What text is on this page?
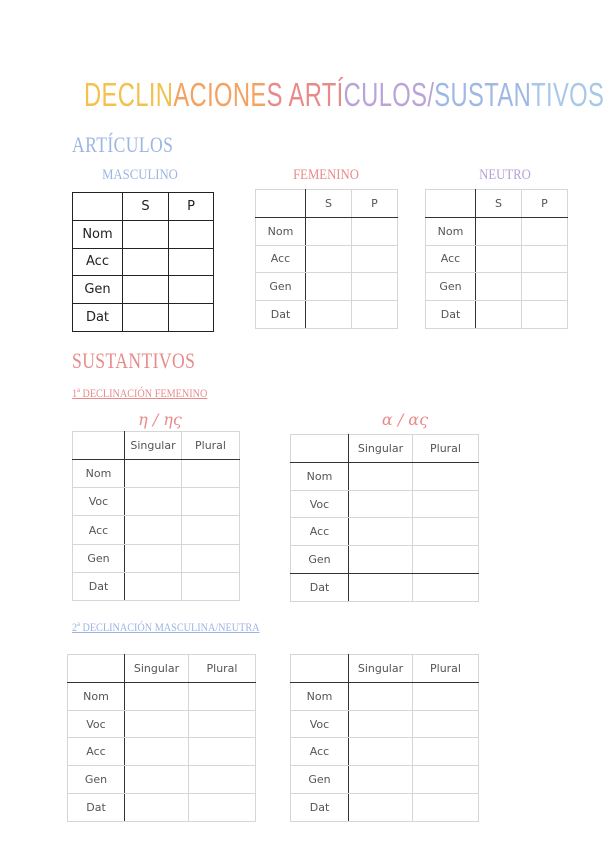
DECLINACIONES ARTÍCULOS/SUSTANTIVOS
ARTÍCULOS
MASCULINO	FEMENINO	NEUTRO
	S	P
Nom		
Acc		
Gen		
Dat		
	S	P
Nom		
Acc		
Gen		
Dat		
	S	P
Nom		
Acc		
Gen		
Dat		
SUSTANTIVOS
1ª DECLINACIÓN FEMENINO
η / ης	α / ας
	Singular	Plural
Nom		
Voc		
Acc		
Gen		
Dat		
	Singular	Plural
Nom		
Voc		
Acc		
Gen		
Dat		
2ª DECLINACIÓN MASCULINA/NEUTRA
	Singular	Plural
Nom		
Voc		
Acc		
Gen		
Dat		
	Singular	Plural
Nom		
Voc		
Acc		
Gen		
Dat		
